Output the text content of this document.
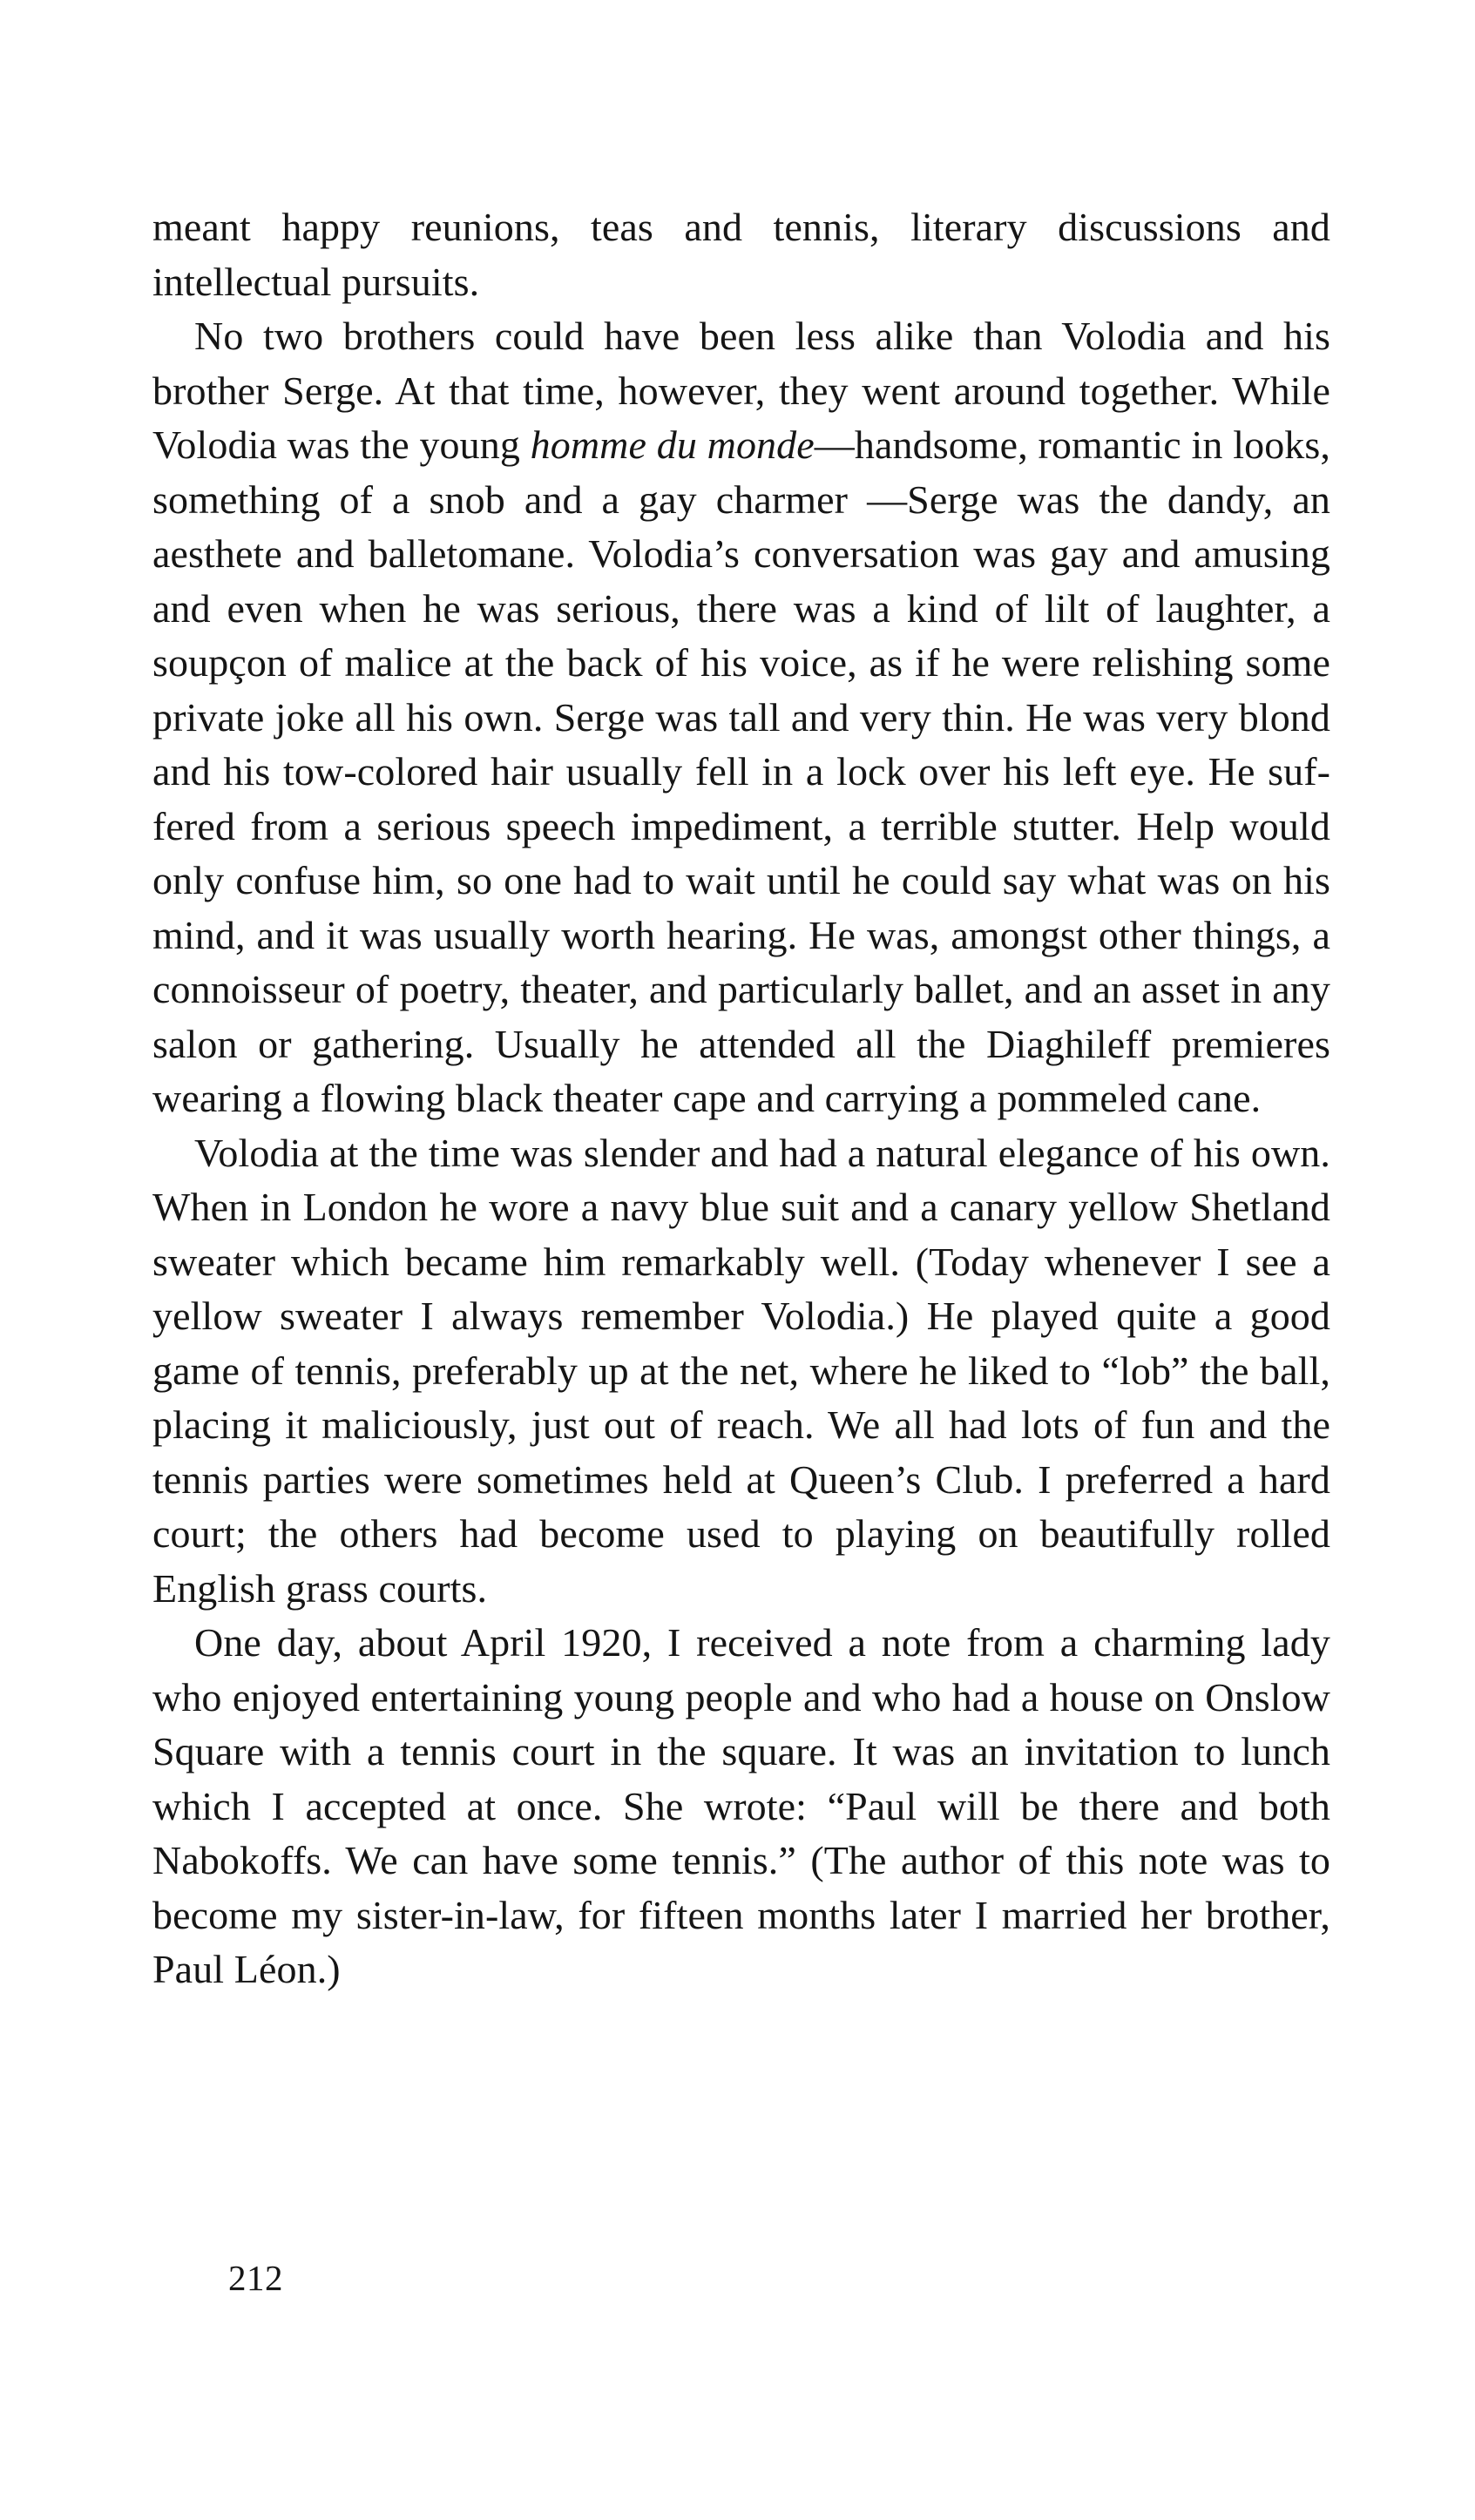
meant happy reunions, teas and tennis, literary discussions and intellectual pursuits.

No two brothers could have been less alike than Volodia and his brother Serge. At that time, however, they went around together. While Volodia was the young homme du monde—handsome, romantic in looks, something of a snob and a gay charmer —Serge was the dandy, an aesthete and balletomane. Volodia’s conversation was gay and amusing and even when he was serious, there was a kind of lilt of laughter, a soupçon of malice at the back of his voice, as if he were relishing some private joke all his own. Serge was tall and very thin. He was very blond and his tow-colored hair usually fell in a lock over his left eye. He suffered from a serious speech impediment, a terrible stutter. Help would only confuse him, so one had to wait until he could say what was on his mind, and it was usually worth hearing. He was, amongst other things, a connoisseur of poetry, theater, and particularly ballet, and an asset in any salon or gathering. Usually he attended all the Diaghileff premieres wearing a flowing black theater cape and carrying a pommeled cane.

Volodia at the time was slender and had a natural elegance of his own. When in London he wore a navy blue suit and a canary yellow Shetland sweater which became him remarkably well. (Today whenever I see a yellow sweater I always remember Volodia.) He played quite a good game of tennis, preferably up at the net, where he liked to “lob” the ball, placing it maliciously, just out of reach. We all had lots of fun and the tennis parties were sometimes held at Queen’s Club. I preferred a hard court; the others had become used to playing on beautifully rolled English grass courts.

One day, about April 1920, I received a note from a charming lady who enjoyed entertaining young people and who had a house on Onslow Square with a tennis court in the square. It was an invitation to lunch which I accepted at once. She wrote: “Paul will be there and both Nabokoffs. We can have some tennis.” (The author of this note was to become my sister-in-law, for fifteen months later I married her brother, Paul Léon.)

212
